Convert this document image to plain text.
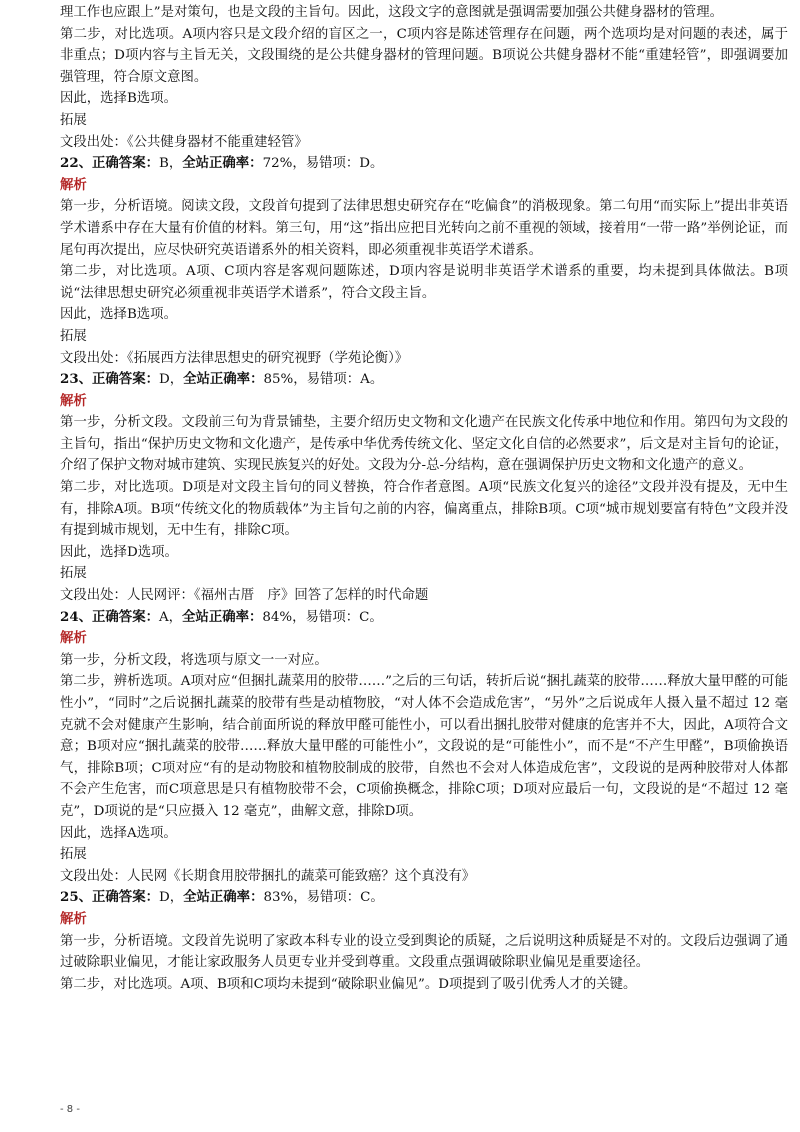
理工作也应跟上”是对策句，也是文段的主旨句。因此，这段文字的意图就是强调需要加强公共健身器材的管理。

第二步，对比选项。A项内容只是文段介绍的盲区之一，C项内容是陈述管理存在问题，两个选项均是对问题的表述，属于非重点；D项内容与主旨无关，文段围绕的是公共健身器材的管理问题。B项说公共健身器材不能“重建轻管”，即强调要加强管理，符合原文意图。

因此，选择B选项。

拓展

文段出处：《公共健身器材不能重建轻管》

22、正确答案：B，全站正确率：72%，易错项：D。

解析

第一步，分析语境。阅读文段，文段首句提到了法律思想史研究存在“吃偏食”的消极现象。第二句用“而实际上”提出非英语学术谱系中存在大量有价值的材料。第三句，用“这”指出应把目光转向之前不重视的领域，接着用“一带一路”举例论证，而尾句再次提出，应尽快研究英语谱系外的相关资料，即必须重视非英语学术谱系。

第二步，对比选项。A项、C项内容是客观问题陈述，D项内容是说明非英语学术谱系的重要，均未提到具体做法。B项说“法律思想史研究必须重视非英语学术谱系”，符合文段主旨。

因此，选择B选项。

拓展

文段出处：《拓展西方法律思想史的研究视野（学苑论衡）》

23、正确答案：D，全站正确率：85%，易错项：A。

解析

第一步，分析文段。文段前三句为背景铺垫，主要介绍历史文物和文化遗产在民族文化传承中地位和作用。第四句为文段的主旨句，指出“保护历史文物和文化遗产，是传承中华优秀传统文化、坚定文化自信的必然要求”，后文是对主旨句的论证，介绍了保护文物对城市建筑、实现民族复兴的好处。文段为分-总-分结构，意在强调保护历史文物和文化遗产的意义。

第二步，对比选项。D项是对文段主旨句的同义替换，符合作者意图。A项“民族文化复兴的途径”文段并没有提及，无中生有，排除A项。B项“传统文化的物质载体”为主旨句之前的内容，偏离重点，排除B项。C项“城市规划要富有特色”文段并没有提到城市规划，无中生有，排除C项。

因此，选择D选项。

拓展

文段出处：人民网评：《福州古厝　序》回答了怎样的时代命题

24、正确答案：A，全站正确率：84%，易错项：C。

解析

第一步，分析文段，将选项与原文一一对应。

第二步，辨析选项。A项对应“但捆扎蔬菜用的胶带……”之后的三句话，转折后说“捆扎蔬菜的胶带……释放大量甲醛的可能性小”，“同时”之后说捆扎蔬菜的胶带有些是动植物胶，“对人体不会造成危害”，“另外”之后说成年人摄入量不超过 12 毫克就不会对健康产生影响，结合前面所说的释放甲醛可能性小，可以看出捆扎胶带对健康的危害并不大，因此，A项符合文意；B项对应“捆扎蔬菜的胶带……释放大量甲醛的可能性小”，文段说的是“可能性小”，而不是“不产生甲醛”，B项偷换语气，排除B项；C项对应“有的是动物胶和植物胶制成的胶带，自然也不会对人体造成危害”，文段说的是两种胶带对人体都不会产生危害，而C项意思是只有植物胶带不会，C项偷换概念，排除C项；D项对应最后一句，文段说的是“不超过 12 毫克”，D项说的是“只应摄入 12 毫克”，曲解文意，排除D项。

因此，选择A选项。

拓展

文段出处：人民网《长期食用胶带捆扎的蔬菜可能致癌？这个真没有》

25、正确答案：D，全站正确率：83%，易错项：C。

解析

第一步，分析语境。文段首先说明了家政本科专业的设立受到舆论的质疑，之后说明这种质疑是不对的。文段后边强调了通过破除职业偏见，才能让家政服务人员更专业并受到尊重。文段重点强调破除职业偏见是重要途径。

第二步，对比选项。A项、B项和C项均未提到“破除职业偏见”。D项提到了吸引优秀人才的关键。

- 8 -
